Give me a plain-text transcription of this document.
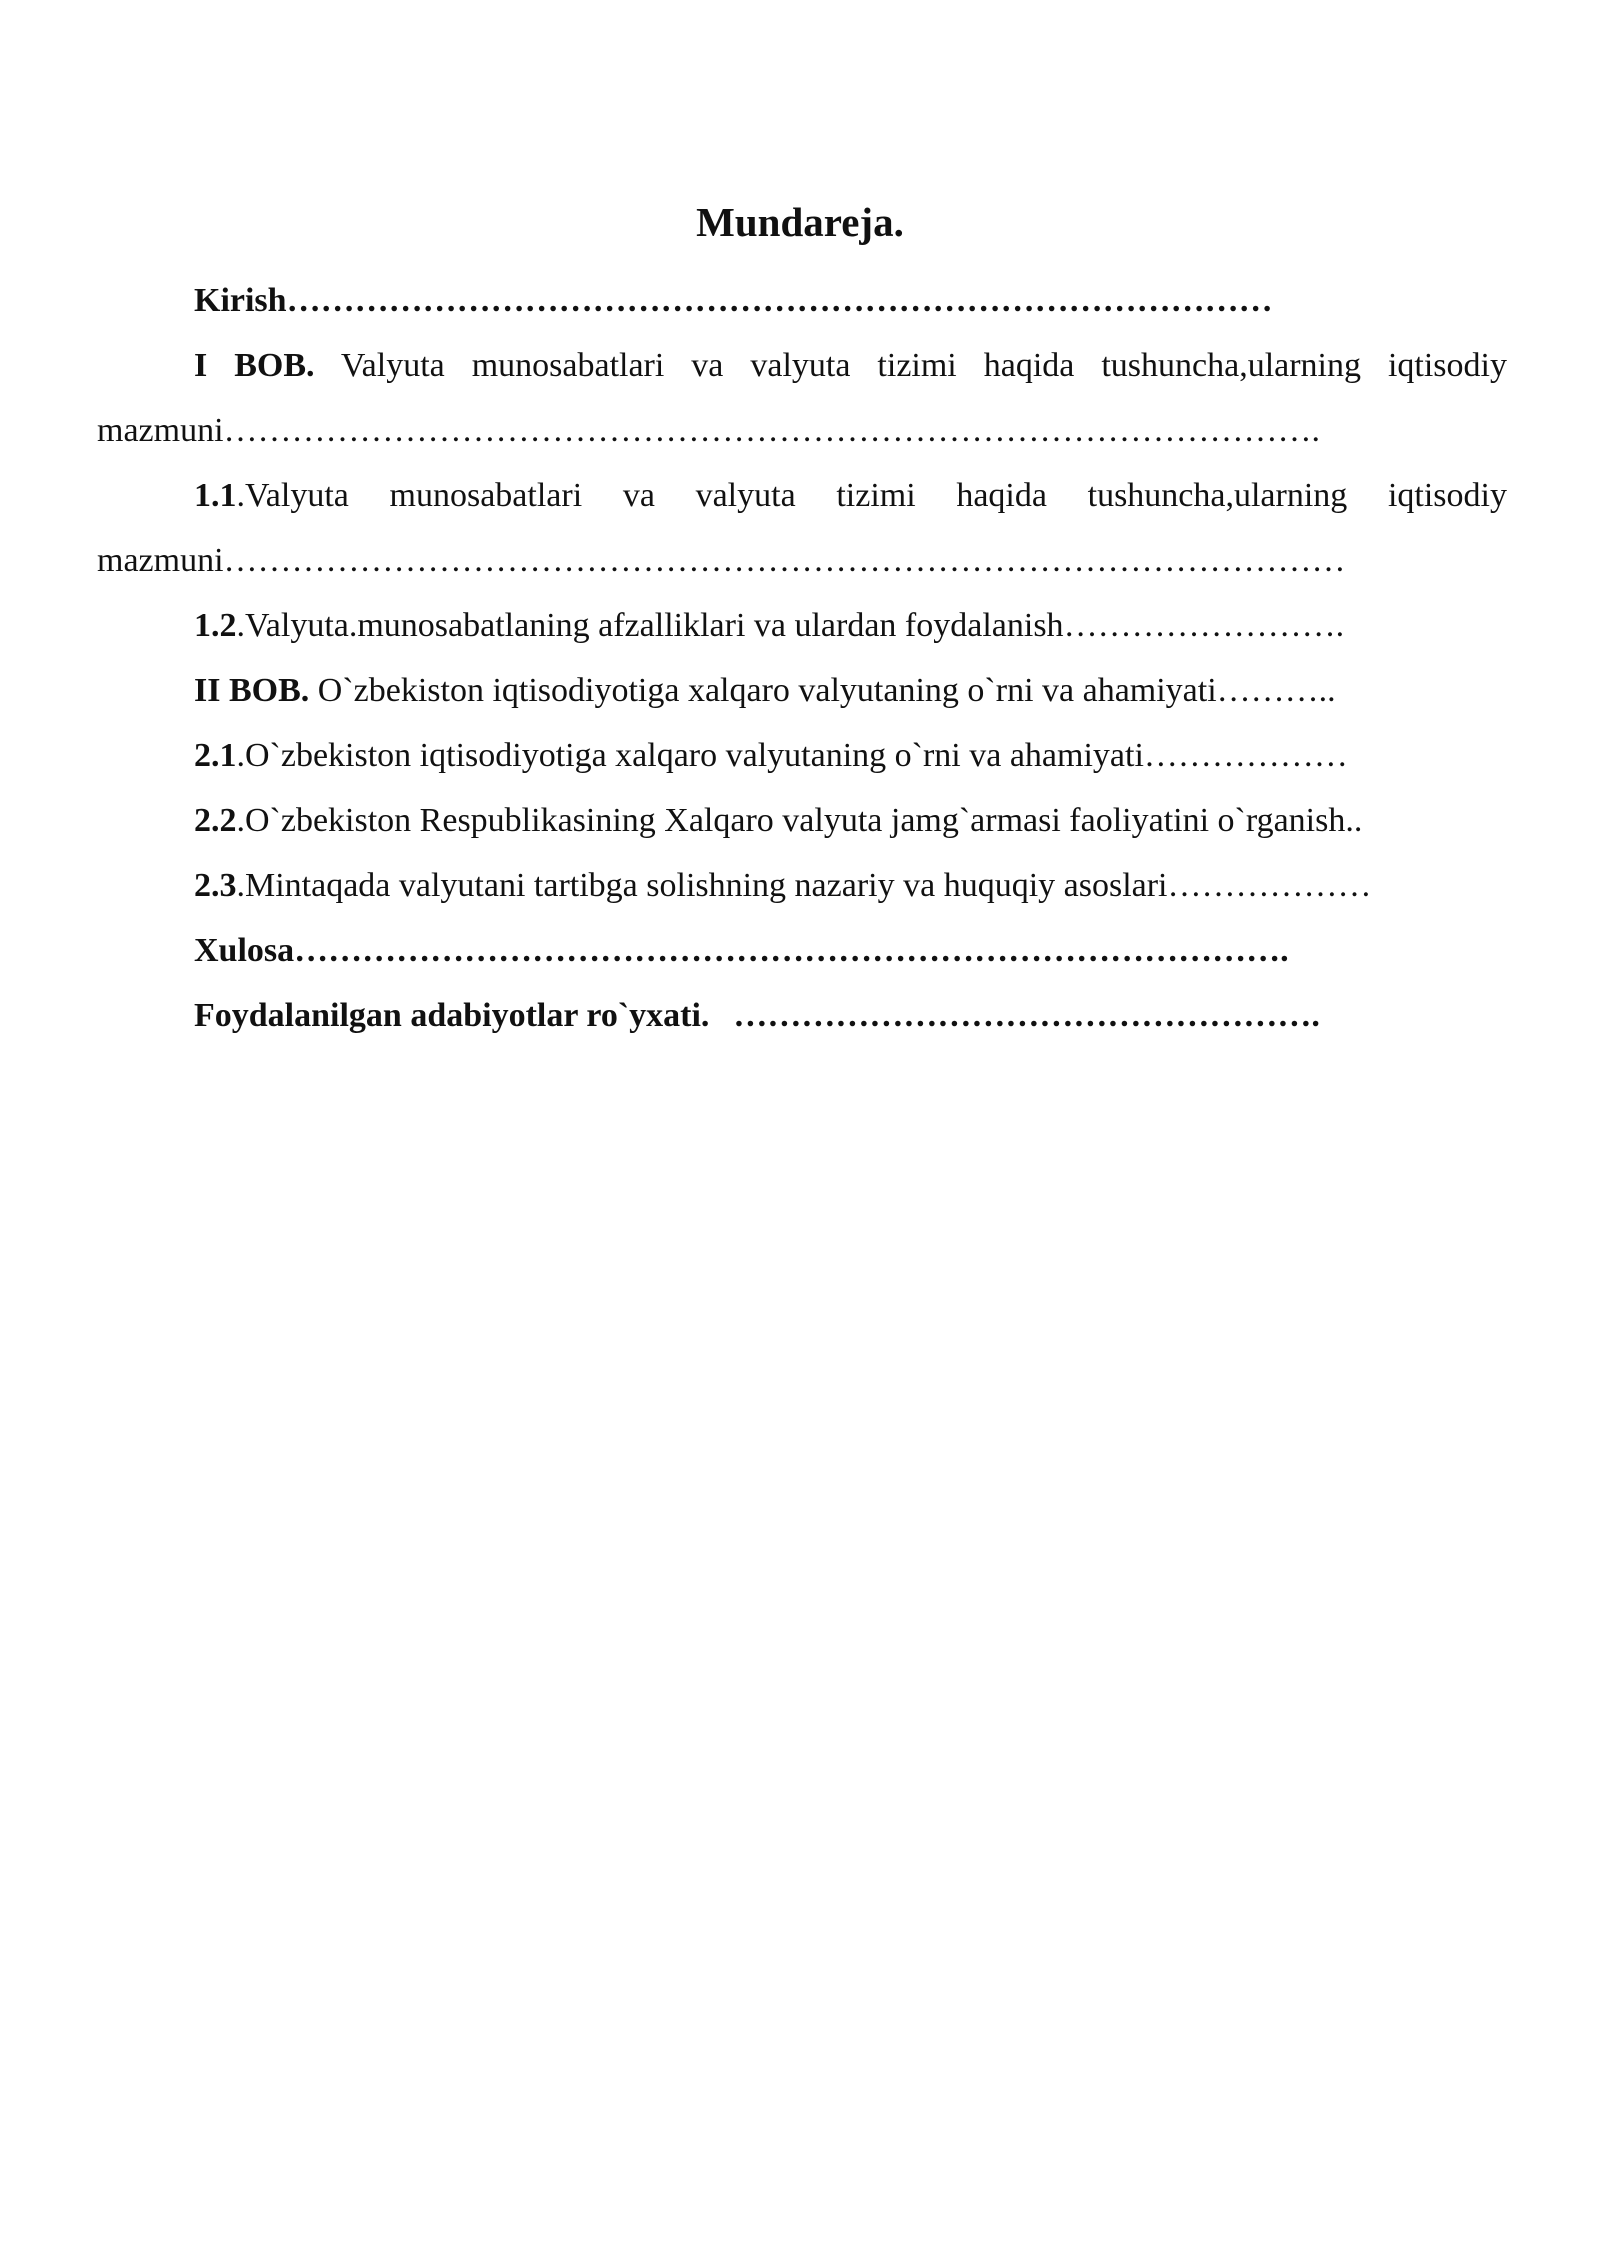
Mundareja.
Kirish……………………………………………………………………………
I BOB. Valyuta munosabatlari va valyuta tizimi haqida tushuncha,ularning iqtisodiy mazmuni…………………………………………………………………………………….
1.1.Valyuta munosabatlari va valyuta tizimi haqida tushuncha,ularning iqtisodiy mazmuni………………………………………………………………………………………
1.2.Valyuta.munosabatlaning afzalliklari va ulardan foydalanish…………………….
II BOB. O`zbekiston iqtisodiyotiga xalqaro valyutaning o`rni va ahamiyati………..
2.1.O`zbekiston iqtisodiyotiga xalqaro valyutaning o`rni va ahamiyati………………
2.2.O`zbekiston Respublikasining Xalqaro valyuta jamg`armasi faoliyatini o`rganish..
2.3.Mintaqada valyutani tartibga solishning nazariy va huquqiy asoslari………………
Xulosa…………………………………………………………………………….
Foydalanilgan adabiyotlar ro`yxati. …………………………………………….
